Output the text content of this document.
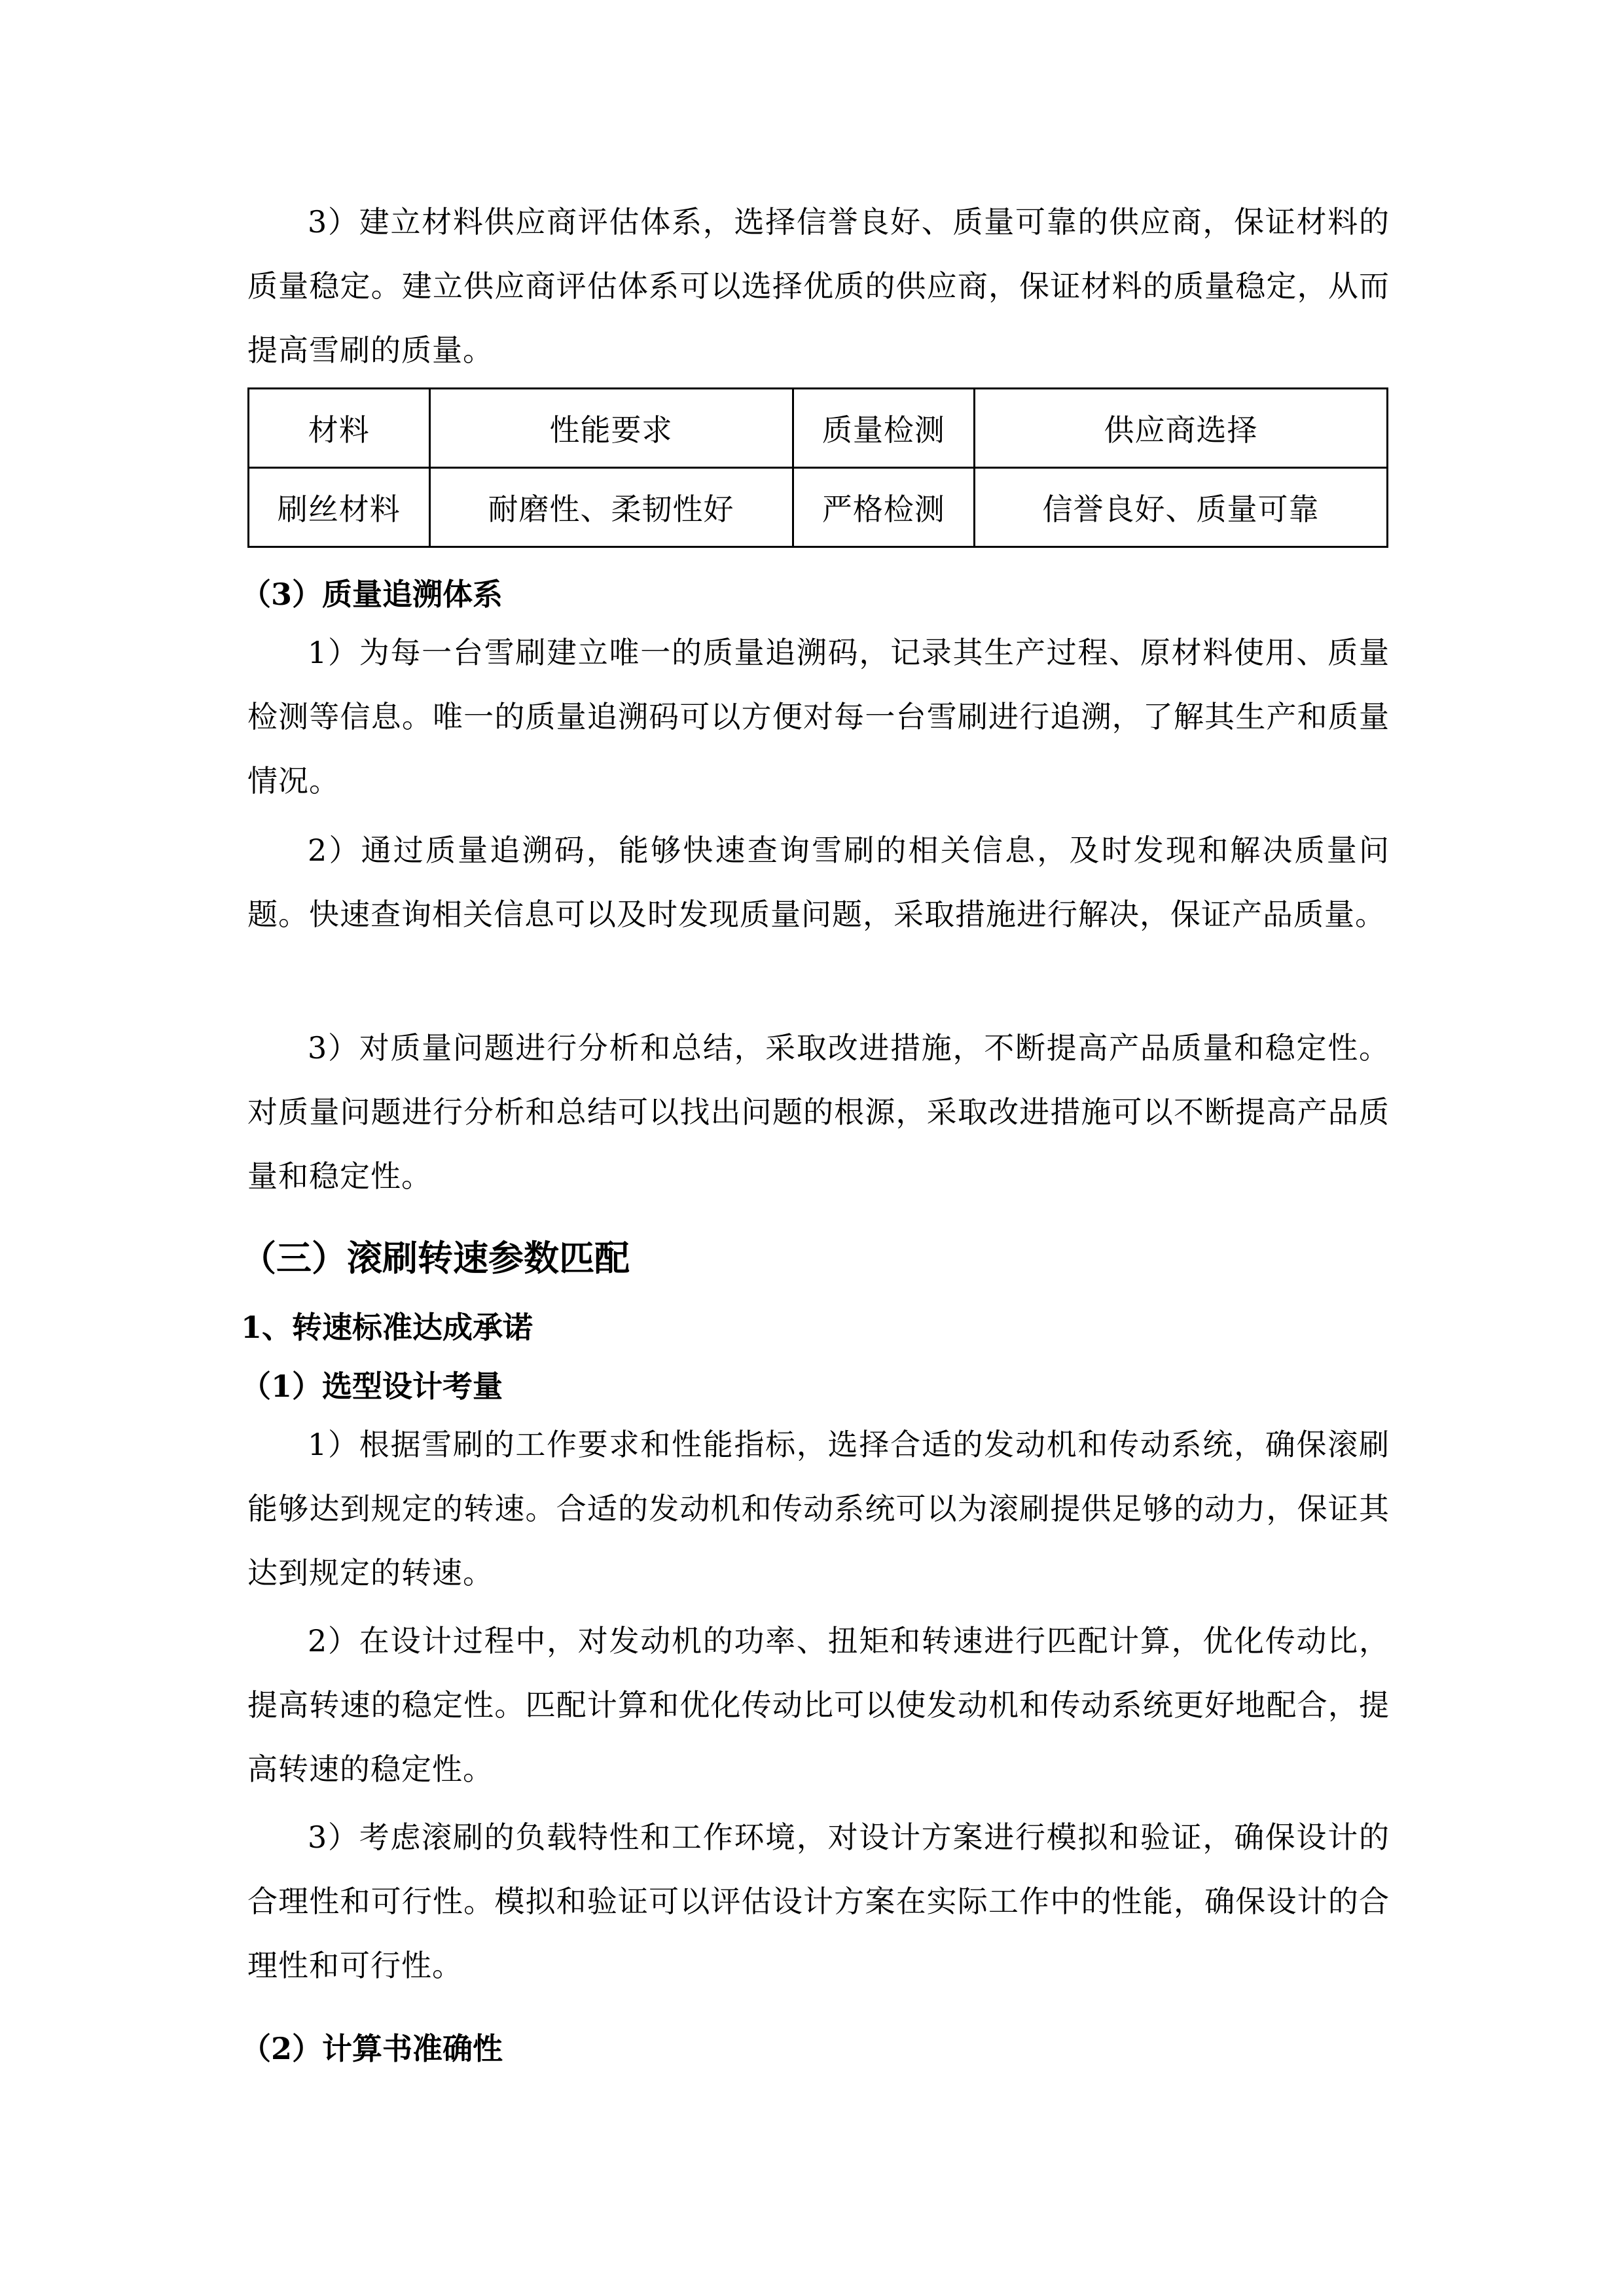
3）建立材料供应商评估体系，选择信誉良好、质量可靠的供应商，保证材料的质量稳定。建立供应商评估体系可以选择优质的供应商，保证材料的质量稳定，从而提高雪刷的质量。

材料	性能要求	质量检测	供应商选择
刷丝材料	耐磨性、柔韧性好	严格检测	信誉良好、质量可靠
（3）质量追溯体系

1）为每一台雪刷建立唯一的质量追溯码，记录其生产过程、原材料使用、质量检测等信息。唯一的质量追溯码可以方便对每一台雪刷进行追溯，了解其生产和质量情况。

2）通过质量追溯码，能够快速查询雪刷的相关信息，及时发现和解决质量问题。快速查询相关信息可以及时发现质量问题，采取措施进行解决，保证产品质量。

3）对质量问题进行分析和总结，采取改进措施，不断提高产品质量和稳定性。对质量问题进行分析和总结可以找出问题的根源，采取改进措施可以不断提高产品质量和稳定性。

（三）滚刷转速参数匹配
1、转速标准达成承诺
（1）选型设计考量

1）根据雪刷的工作要求和性能指标，选择合适的发动机和传动系统，确保滚刷能够达到规定的转速。合适的发动机和传动系统可以为滚刷提供足够的动力，保证其达到规定的转速。

2）在设计过程中，对发动机的功率、扭矩和转速进行匹配计算，优化传动比，提高转速的稳定性。匹配计算和优化传动比可以使发动机和传动系统更好地配合，提高转速的稳定性。

3）考虑滚刷的负载特性和工作环境，对设计方案进行模拟和验证，确保设计的合理性和可行性。模拟和验证可以评估设计方案在实际工作中的性能，确保设计的合理性和可行性。

（2）计算书准确性
